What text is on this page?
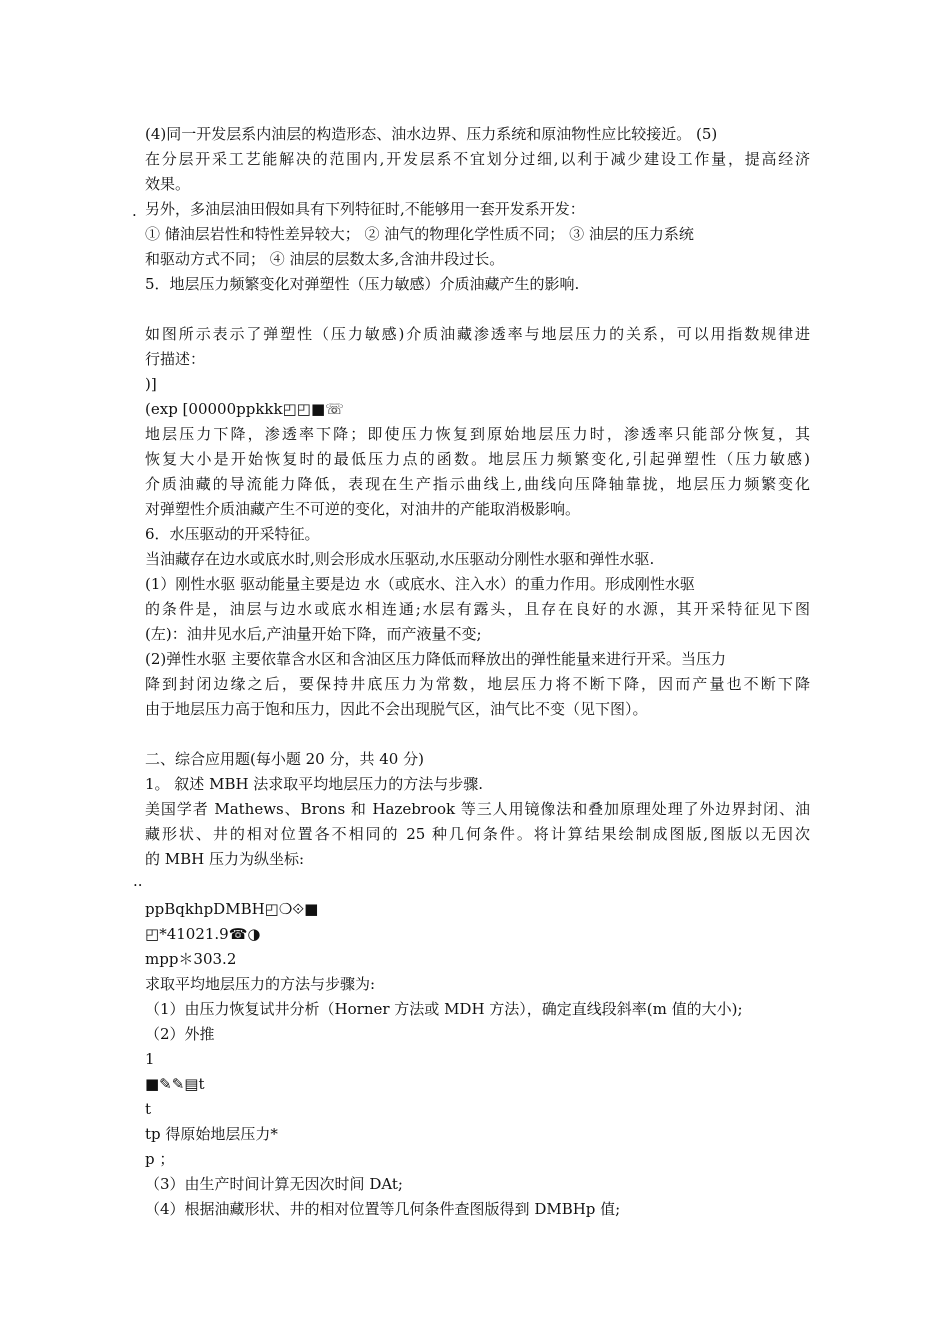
.
..
(4)同一开发层系内油层的构造形态、油水边界、压力系统和原油物性应比较接近。 (5)
在分层开采工艺能解决的范围内,开发层系不宜划分过细,以利于减少建设工作量，提高经济
效果。
另外，多油层油田假如具有下列特征时,不能够用一套开发系开发：
① 储油层岩性和特性差异较大； ② 油气的物理化学性质不同； ③ 油层的压力系统
和驱动方式不同； ④ 油层的层数太多,含油井段过长。
5．地层压力频繁变化对弹塑性（压力敏感）介质油藏产生的影响.
如图所示表示了弹塑性（压力敏感)介质油藏渗透率与地层压力的关系，可以用指数规律进
行描述：
)]
(exp [00000ppkkk◰◰■☏
地层压力下降，渗透率下降；即使压力恢复到原始地层压力时，渗透率只能部分恢复，其
恢复大小是开始恢复时的最低压力点的函数。地层压力频繁变化,引起弹塑性（压力敏感)
介质油藏的导流能力降低，表现在生产指示曲线上,曲线向压降轴靠拢，地层压力频繁变化
对弹塑性介质油藏产生不可逆的变化，对油井的产能取消极影响。
6．水压驱动的开采特征。
当油藏存在边水或底水时,则会形成水压驱动,水压驱动分刚性水驱和弹性水驱.
(1）刚性水驱 驱动能量主要是边 水（或底水、注入水）的重力作用。形成刚性水驱
的条件是，油层与边水或底水相连通;水层有露头，且存在良好的水源，其开采特征见下图
(左)：油井见水后,产油量开始下降，而产液量不变;
(2)弹性水驱 主要依靠含水区和含油区压力降低而释放出的弹性能量来进行开采。当压力
降到封闭边缘之后，要保持井底压力为常数，地层压力将不断下降，因而产量也不断下降
由于地层压力高于饱和压力，因此不会出现脱气区，油气比不变（见下图）。
二、综合应用题(每小题 20 分，共 40 分)
1。 叙述 MBH 法求取平均地层压力的方法与步骤.
美国学者 Mathews、Brons 和 Hazebrook 等三人用镜像法和叠加原理处理了外边界封闭、油
藏形状、井的相对位置各不相同的 25 种几何条件。将计算结果绘制成图版,图版以无因次
的 MBH 压力为纵坐标:
ppBqkhpDMBH◰❍⟐■
◰*41021.9☎◑
mpp＊303.2
求取平均地层压力的方法与步骤为:
（1）由压力恢复试井分析（Horner 方法或 MDH 方法），确定直线段斜率(m 值的大小);
（2）外推
1
■✎✎▤t
t
tp 得原始地层压力*
p ；
（3）由生产时间计算无因次时间 DAt;
（4）根据油藏形状、井的相对位置等几何条件查图版得到 DMBHp 值;
